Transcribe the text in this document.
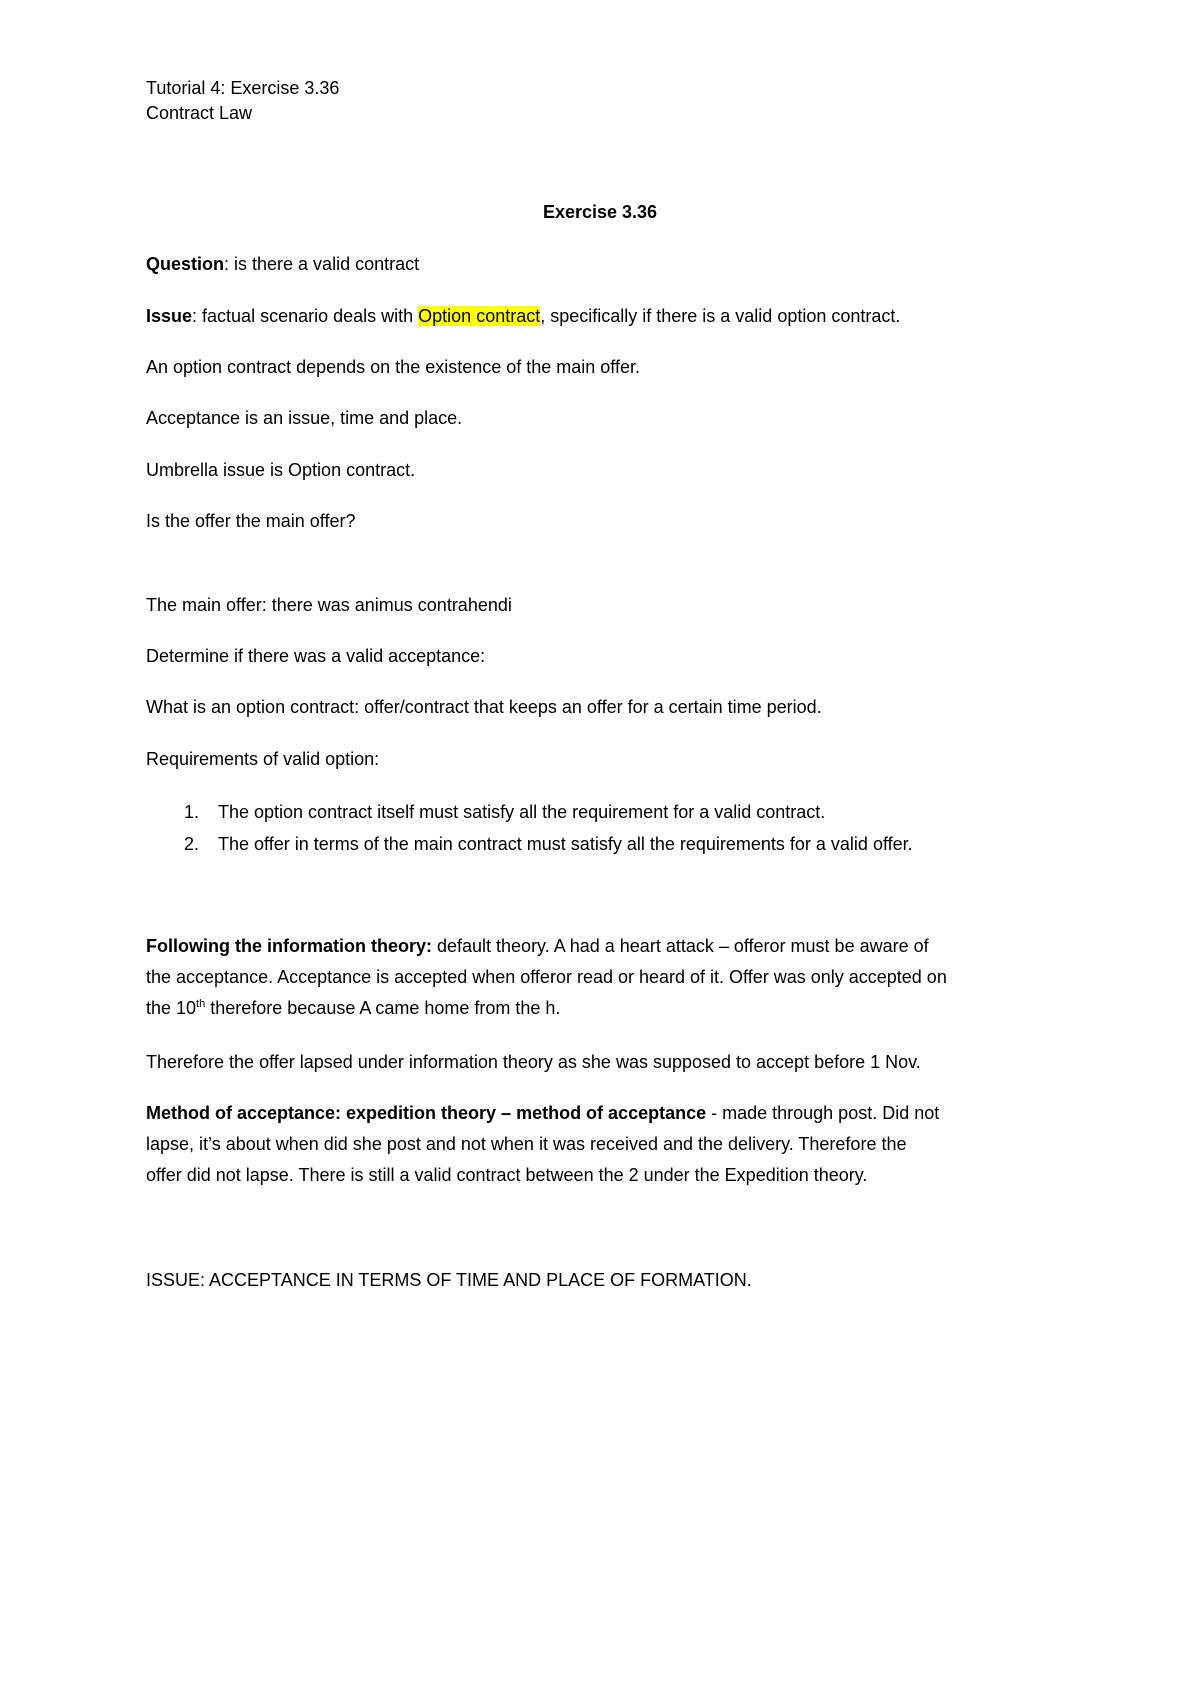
Tutorial 4: Exercise 3.36

Contract Law

Exercise 3.36

Question: is there a valid contract

Issue: factual scenario deals with Option contract, specifically if there is a valid option contract.

An option contract depends on the existence of the main offer.

Acceptance is an issue, time and place.

Umbrella issue is Option contract.

Is the offer the main offer?

The main offer: there was animus contrahendi

Determine if there was a valid acceptance:

What is an option contract: offer/contract that keeps an offer for a certain time period.

Requirements of valid option:

1. The option contract itself must satisfy all the requirement for a valid contract.
2. The offer in terms of the main contract must satisfy all the requirements for a valid offer.

Following the information theory: default theory. A had a heart attack – offeror must be aware of

the acceptance. Acceptance is accepted when offeror read or heard of it. Offer was only accepted on

the 10th therefore because A came home from the h.

Therefore the offer lapsed under information theory as she was supposed to accept before 1 Nov.

Method of acceptance: expedition theory – method of acceptance - made through post. Did not

lapse, it’s about when did she post and not when it was received and the delivery. Therefore the

offer did not lapse. There is still a valid contract between the 2 under the Expedition theory.

ISSUE: ACCEPTANCE IN TERMS OF TIME AND PLACE OF FORMATION.
